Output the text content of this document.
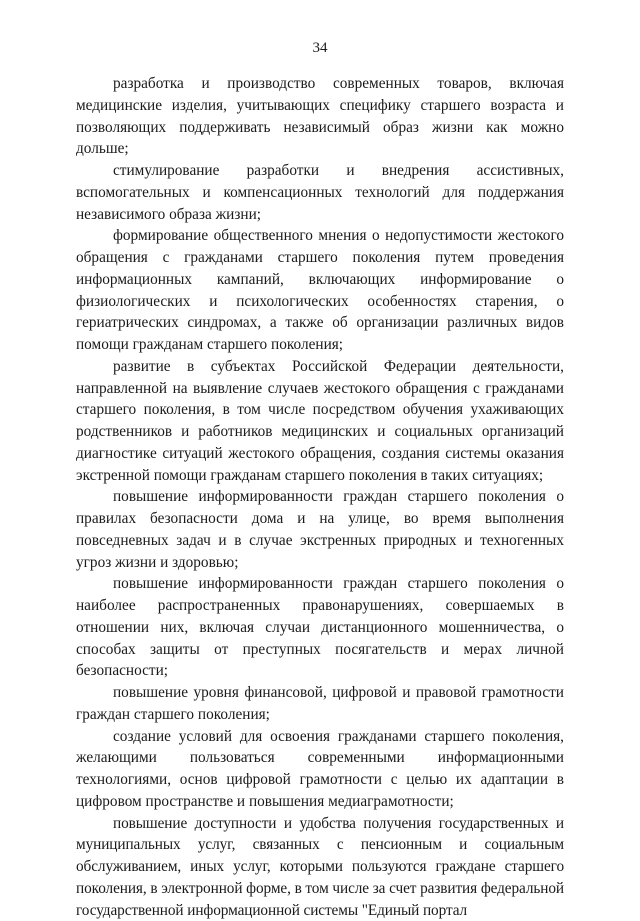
34

разработка и производство современных товаров, включая медицинские изделия, учитывающих специфику старшего возраста и позволяющих поддерживать независимый образ жизни как можно дольше;

стимулирование разработки и внедрения ассистивных, вспомогательных и компенсационных технологий для поддержания независимого образа жизни;

формирование общественного мнения о недопустимости жестокого обращения с гражданами старшего поколения путем проведения информационных кампаний, включающих информирование о физиологических и психологических особенностях старения, о гериатрических синдромах, а также об организации различных видов помощи гражданам старшего поколения;

развитие в субъектах Российской Федерации деятельности, направленной на выявление случаев жестокого обращения с гражданами старшего поколения, в том числе посредством обучения ухаживающих родственников и работников медицинских и социальных организаций диагностике ситуаций жестокого обращения, создания системы оказания экстренной помощи гражданам старшего поколения в таких ситуациях;

повышение информированности граждан старшего поколения о правилах безопасности дома и на улице, во время выполнения повседневных задач и в случае экстренных природных и техногенных угроз жизни и здоровью;

повышение информированности граждан старшего поколения о наиболее распространенных правонарушениях, совершаемых в отношении них, включая случаи дистанционного мошенничества, о способах защиты от преступных посягательств и мерах личной безопасности;

повышение уровня финансовой, цифровой и правовой грамотности граждан старшего поколения;

создание условий для освоения гражданами старшего поколения, желающими пользоваться современными информационными технологиями, основ цифровой грамотности с целью их адаптации в цифровом пространстве и повышения медиаграмотности;

повышение доступности и удобства получения государственных и муниципальных услуг, связанных с пенсионным и социальным обслуживанием, иных услуг, которыми пользуются граждане старшего поколения, в электронной форме, в том числе за счет развития федеральной государственной информационной системы "Единый портал
